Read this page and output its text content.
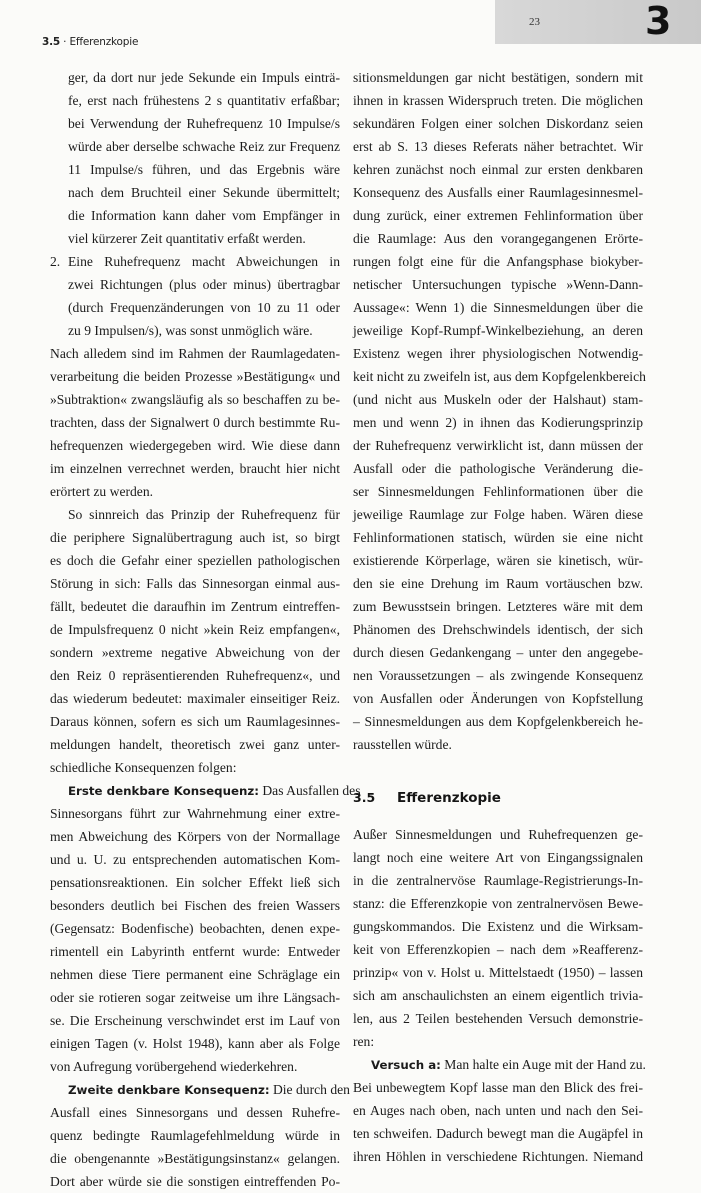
3.5 · Efferenzkopie
23	3
ger, da dort nur jede Sekunde ein Impuls einträ-
fe, erst nach frühestens 2 s quantitativ erfaßbar;
bei Verwendung der Ruhefrequenz 10 Impulse/s
würde aber derselbe schwache Reiz zur Frequenz
11 Impulse/s führen, und das Ergebnis wäre
nach dem Bruchteil einer Sekunde übermittelt;
die Information kann daher vom Empfänger in
viel kürzerer Zeit quantitativ erfaßt werden.
2. Eine Ruhefrequenz macht Abweichungen in
zwei Richtungen (plus oder minus) übertragbar
(durch Frequenzänderungen von 10 zu 11 oder
zu 9 Impulsen/s), was sonst unmöglich wäre.
Nach alledem sind im Rahmen der Raumlagedaten-
verarbeitung die beiden Prozesse »Bestätigung« und
»Subtraktion« zwangsläufig als so beschaffen zu be-
trachten, dass der Signalwert 0 durch bestimmte Ru-
hefrequenzen wiedergegeben wird. Wie diese dann
im einzelnen verrechnet werden, braucht hier nicht
erörtert zu werden.
So sinnreich das Prinzip der Ruhefrequenz für
die periphere Signalübertragung auch ist, so birgt
es doch die Gefahr einer speziellen pathologischen
Störung in sich: Falls das Sinnesorgan einmal aus-
fällt, bedeutet die daraufhin im Zentrum eintreffen-
de Impulsfrequenz 0 nicht »kein Reiz empfangen«,
sondern »extreme negative Abweichung von der
den Reiz 0 repräsentierenden Ruhefrequenz«, und
das wiederum bedeutet: maximaler einseitiger Reiz.
Daraus können, sofern es sich um Raumlagesinnes-
meldungen handelt, theoretisch zwei ganz unter-
schiedliche Konsequenzen folgen:
Erste denkbare Konsequenz: Das Ausfallen des
Sinnesorgans führt zur Wahrnehmung einer extre-
men Abweichung des Körpers von der Normallage
und u. U. zu entsprechenden automatischen Kom-
pensationsreaktionen. Ein solcher Effekt ließ sich
besonders deutlich bei Fischen des freien Wassers
(Gegensatz: Bodenfische) beobachten, denen expe-
rimentell ein Labyrinth entfernt wurde: Entweder
nehmen diese Tiere permanent eine Schräglage ein
oder sie rotieren sogar zeitweise um ihre Längsach-
se. Die Erscheinung verschwindet erst im Lauf von
einigen Tagen (v. Holst 1948), kann aber als Folge
von Aufregung vorübergehend wiederkehren.
Zweite denkbare Konsequenz: Die durch den
Ausfall eines Sinnesorgans und dessen Ruhefre-
quenz bedingte Raumlagefehlmeldung würde in
die obengenannte »Bestätigungsinstanz« gelangen.
Dort aber würde sie die sonstigen eintreffenden Po-
sitionsmeldungen gar nicht bestätigen, sondern mit
ihnen in krassen Widerspruch treten. Die möglichen
sekundären Folgen einer solchen Diskordanz seien
erst ab S. 13 dieses Referats näher betrachtet. Wir
kehren zunächst noch einmal zur ersten denkbaren
Konsequenz des Ausfalls einer Raumlagesinnesmel-
dung zurück, einer extremen Fehlinformation über
die Raumlage: Aus den vorangegangenen Erörte-
rungen folgt eine für die Anfangsphase biokyber-
netischer Untersuchungen typische »Wenn-Dann-
Aussage«: Wenn 1) die Sinnesmeldungen über die
jeweilige Kopf-Rumpf-Winkelbeziehung, an deren
Existenz wegen ihrer physiologischen Notwendig-
keit nicht zu zweifeln ist, aus dem Kopfgelenkbereich
(und nicht aus Muskeln oder der Halshaut) stam-
men und wenn 2) in ihnen das Kodierungsprinzip
der Ruhefrequenz verwirklicht ist, dann müssen der
Ausfall oder die pathologische Veränderung die-
ser Sinnesmeldungen Fehlinformationen über die
jeweilige Raumlage zur Folge haben. Wären diese
Fehlinformationen statisch, würden sie eine nicht
existierende Körperlage, wären sie kinetisch, wür-
den sie eine Drehung im Raum vortäuschen bzw.
zum Bewusstsein bringen. Letzteres wäre mit dem
Phänomen des Drehschwindels identisch, der sich
durch diesen Gedankengang – unter den angegebe-
nen Voraussetzungen – als zwingende Konsequenz
von Ausfallen oder Änderungen von Kopfstellung
– Sinnesmeldungen aus dem Kopfgelenkbereich he-
rausstellen würde.
3.5 Efferenzkopie
Außer Sinnesmeldungen und Ruhefrequenzen ge-
langt noch eine weitere Art von Eingangssignalen
in die zentralnervöse Raumlage-Registrierungs-In-
stanz: die Efferenzkopie von zentralnervösen Bewe-
gungskommandos. Die Existenz und die Wirksam-
keit von Efferenzkopien – nach dem »Reafferenz-
prinzip« von v. Holst u. Mittelstaedt (1950) – lassen
sich am anschaulichsten an einem eigentlich trivia-
len, aus 2 Teilen bestehenden Versuch demonstrie-
ren:
Versuch a: Man halte ein Auge mit der Hand zu.
Bei unbewegtem Kopf lasse man den Blick des frei-
en Auges nach oben, nach unten und nach den Sei-
ten schweifen. Dadurch bewegt man die Augäpfel in
ihren Höhlen in verschiedene Richtungen. Niemand
